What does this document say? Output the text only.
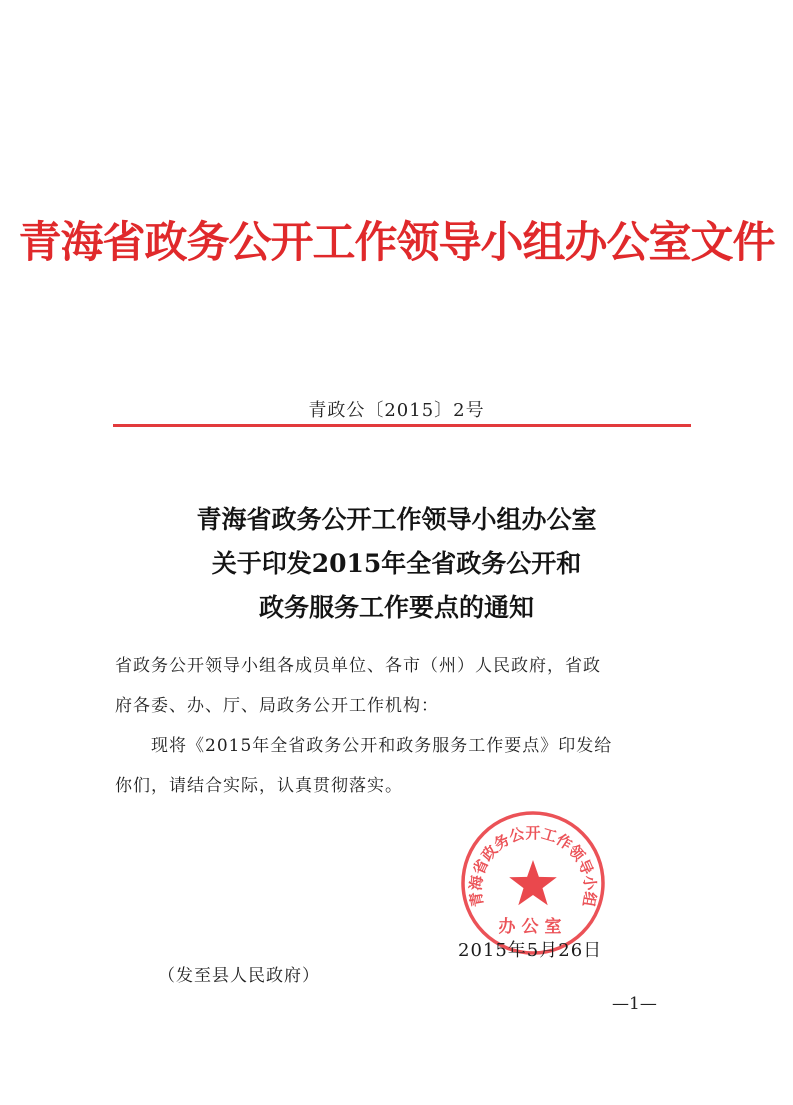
青海省政务公开工作领导小组办公室文件
青政公〔2015〕2号
青海省政务公开工作领导小组办公室
关于印发2015年全省政务公开和
政务服务工作要点的通知
省政务公开领导小组各成员单位、各市（州）人民政府，省政
府各委、办、厅、局政务公开工作机构：
现将《2015年全省政务公开和政务服务工作要点》印发给
你们，请结合实际，认真贯彻落实。
青海省政务公开工作领导小组
办公室
2015年5月26日
（发至县人民政府）
—1—
